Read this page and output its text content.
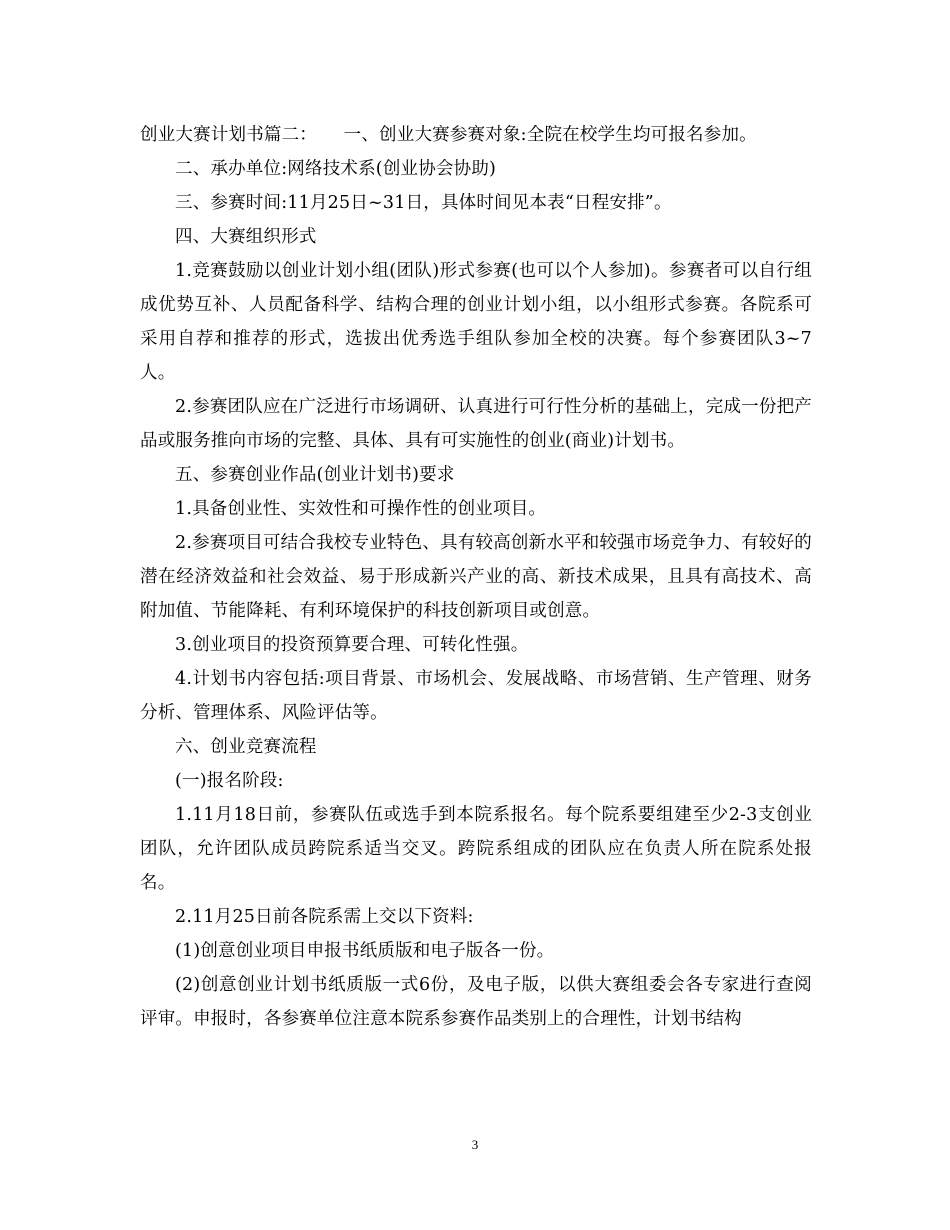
创业大赛计划书篇二：　　一、创业大赛参赛对象:全院在校学生均可报名参加。

二、承办单位:网络技术系(创业协会协助)

三、参赛时间:11月25日~31日，具体时间见本表“日程安排”。

四、大赛组织形式

1.竞赛鼓励以创业计划小组(团队)形式参赛(也可以个人参加)。参赛者可以自行组成优势互补、人员配备科学、结构合理的创业计划小组，以小组形式参赛。各院系可采用自荐和推荐的形式，选拔出优秀选手组队参加全校的决赛。每个参赛团队3~7人。

2.参赛团队应在广泛进行市场调研、认真进行可行性分析的基础上，完成一份把产品或服务推向市场的完整、具体、具有可实施性的创业(商业)计划书。

五、参赛创业作品(创业计划书)要求

1.具备创业性、实效性和可操作性的创业项目。

2.参赛项目可结合我校专业特色、具有较高创新水平和较强市场竞争力、有较好的潜在经济效益和社会效益、易于形成新兴产业的高、新技术成果，且具有高技术、高附加值、节能降耗、有利环境保护的科技创新项目或创意。

3.创业项目的投资预算要合理、可转化性强。

4.计划书内容包括:项目背景、市场机会、发展战略、市场营销、生产管理、财务分析、管理体系、风险评估等。

六、创业竞赛流程

(一)报名阶段:

1.11月18日前，参赛队伍或选手到本院系报名。每个院系要组建至少2-3支创业团队，允许团队成员跨院系适当交叉。跨院系组成的团队应在负责人所在院系处报名。

2.11月25日前各院系需上交以下资料:

(1)创意创业项目申报书纸质版和电子版各一份。

(2)创意创业计划书纸质版一式6份，及电子版，以供大赛组委会各专家进行查阅评审。申报时，各参赛单位注意本院系参赛作品类别上的合理性，计划书结构

3
